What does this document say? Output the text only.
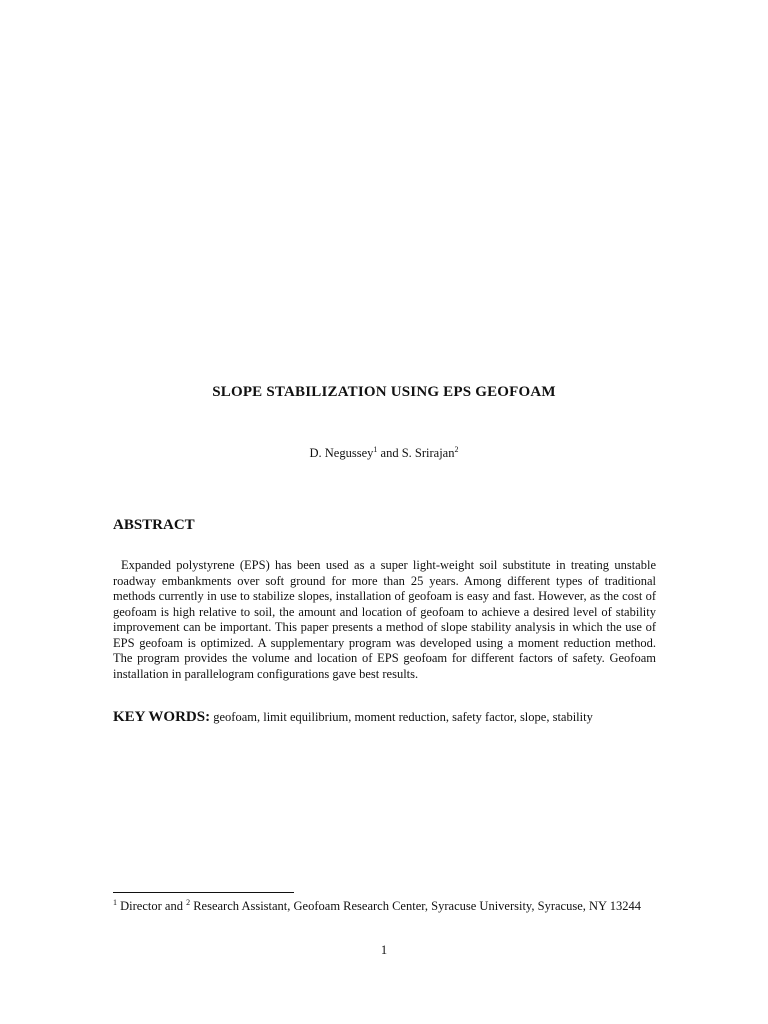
SLOPE STABILIZATION USING EPS GEOFOAM
D. Negussey$^1$ and S. Srirajan$^2$
ABSTRACT

Expanded polystyrene (EPS) has been used as a super light-weight soil substitute in treating unstable roadway embankments over soft ground for more than 25 years. Among different types of traditional methods currently in use to stabilize slopes, installation of geofoam is easy and fast. However, as the cost of geofoam is high relative to soil, the amount and location of geofoam to achieve a desired level of stability improvement can be important. This paper presents a method of slope stability analysis in which the use of EPS geofoam is optimized. A supplementary program was developed using a moment reduction method. The program provides the volume and location of EPS geofoam for different factors of safety. Geofoam installation in parallelogram configurations gave best results.

KEY WORDS: geofoam, limit equilibrium, moment reduction, safety factor, slope, stability
$^1$ Director and $^2$ Research Assistant, Geofoam Research Center, Syracuse University, Syracuse, NY 13244
1
